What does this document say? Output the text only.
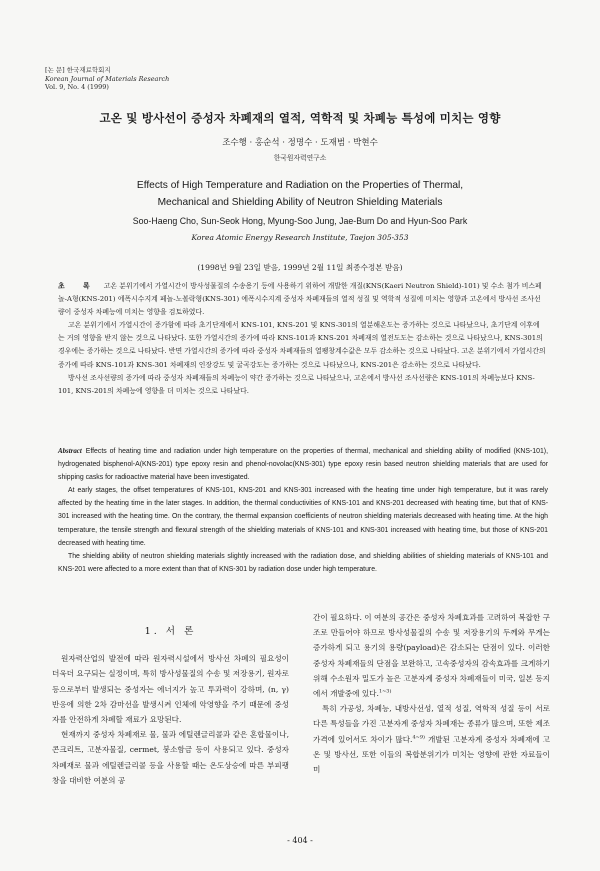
[논 문] 한국재료학회지
Korean Journal of Materials Research
Vol. 9, No. 4 (1999)
고온 및 방사선이 증성자 차폐재의 열적, 역학적 및 차폐능 특성에 미치는 영향
조수행 · 홍순석 · 정명수 · 도재범 · 박현수
한국원자력연구소
Effects of High Temperature and Radiation on the Properties of Thermal,
Mechanical and Shielding Ability of Neutron Shielding Materials
Soo-Haeng Cho, Sun-Seok Hong, Myung-Soo Jung, Jae-Bum Do and Hyun-Soo Park
Korea Atomic Energy Research Institute, Taejon 305-353
(1998년 9월 23일 받음, 1999년 2월 11일 최종수정본 받음)

초 록 고온 분위기에서 가열시간이 방사성물질의 수송용기 등에 사용하기 위하여 개발한 개질(KNS(Kaeri Neutron Shield)-101) 및 수소 첨가 비스페놀-A형(KNS-201) 에폭시수지계 페놀-노볼락형(KNS-301) 에폭시수지계 중성자 차폐재들의 열적 성질 및 역학적 성질에 미치는 영향과 고온에서 방사선 조사선량이 중성자 차폐능에 미치는 영향을 검토하였다.

고온 분위기에서 가열시간이 증가함에 따라 초기단계에서 KNS-101, KNS-201 및 KNS-301의 열분해온도는 증가하는 것으로 나타났으나, 초기단계 이후에는 거의 영향을 받지 않는 것으로 나타났다. 또한 가열시간의 증가에 따라 KNS-101과 KNS-201 차폐재의 열전도도는 감소하는 것으로 나타났으나, KNS-301의 경우에는 증가하는 것으로 나타났다. 반면 가열시간의 증가에 따라 중성자 차폐재들의 열팽창계수값은 모두 감소하는 것으로 나타났다. 고온 분위기에서 가열시간의 증가에 따라 KNS-101과 KNS-301 차폐재의 인장강도 및 굴곡강도는 증가하는 것으로 나타났으나, KNS-201은 감소하는 것으로 나타났다.

방사선 조사선량의 증가에 따라 중성자 차폐재들의 차폐능이 약간 증가하는 것으로 나타났으나, 고온에서 방사선 조사선량은 KNS-101의 차폐능보다 KNS-101, KNS-201의 차폐능에 영향을 더 미치는 것으로 나타났다.

Abstract Effects of heating time and radiation under high temperature on the properties of thermal, mechanical and shielding ability of modified (KNS-101), hydrogenated bisphenol-A(KNS-201) type epoxy resin and phenol-novolac(KNS-301) type epoxy resin based neutron shielding materials that are used for shipping casks for radioactive material have been investigated.

At early stages, the offset temperatures of KNS-101, KNS-201 and KNS-301 increased with the heating time under high temperature, but it was rarely affected by the heating time in the later stages. In addition, the thermal conductivities of KNS-101 and KNS-201 decreased with heating time, but that of KNS-301 increased with the heating time. On the contrary, the thermal expansion coefficients of neutron shielding materials decreased with heating time. At the high temperature, the tensile strength and flexural strength of the shielding materials of KNS-101 and KNS-301 increased with heating time, but those of KNS-201 decreased with heating time.

The shielding ability of neutron shielding materials slightly increased with the radiation dose, and shielding abilities of shielding materials of KNS-101 and KNS-201 were affected to a more extent than that of KNS-301 by radiation dose under high temperature.

1. 서 론

원자력산업의 발전에 따라 원자력시설에서 방사선 차폐의 필요성이 더욱더 요구되는 실정이며, 특히 방사성물질의 수송 및 저장용기, 원자로 등으로부터 발생되는 중성자는 에너지가 높고 투과력이 강하며, (n, γ)반응에 의한 2차 감마선을 발생시켜 인체에 악영향을 주기 때문에 중성자를 안전하게 차폐할 재료가 요망된다.

현재까지 중성자 차폐재로 물, 물과 에틸렌글리콜과 같은 혼합물이나, 콘크리트, 고분자물질, cermet, 붕소함금 등이 사용되고 있다. 중성자 차폐재로 물과 에틸렌글리콜 등을 사용할 때는 온도상승에 따른 부피팽창을 대비한 여분의 공

간이 필요하다. 이 여분의 공간은 중성자 차폐효과를 고려하여 복잡한 구조로 만들어야 하므로 방사성물질의 수송 및 저장용기의 두께와 무게는 증가하게 되고 용기의 용량(payload)은 감소되는 단점이 있다. 이러한 중성자 차폐재들의 단점을 보완하고, 고속중성자의 감속효과를 크게하기 위해 수소원자 밀도가 높은 고분자계 중성자 차폐재들이 미국, 일본 등지에서 개발중에 있다.$^{1\sim 3)}$

특히 가공성, 차폐능, 내방사선성, 열적 성질, 역학적 성질 등이 서로 다른 특성들을 가진 고분자계 중성자 차폐재는 종류가 많으며, 또한 제조 가격에 있어서도 차이가 많다.$^{4\sim 9)}$ 개발된 고분자계 중성자 차폐재에 고온 및 방사선, 또한 이들의 복합분위기가 미치는 영향에 관한 자료들이 미

- 404 -
